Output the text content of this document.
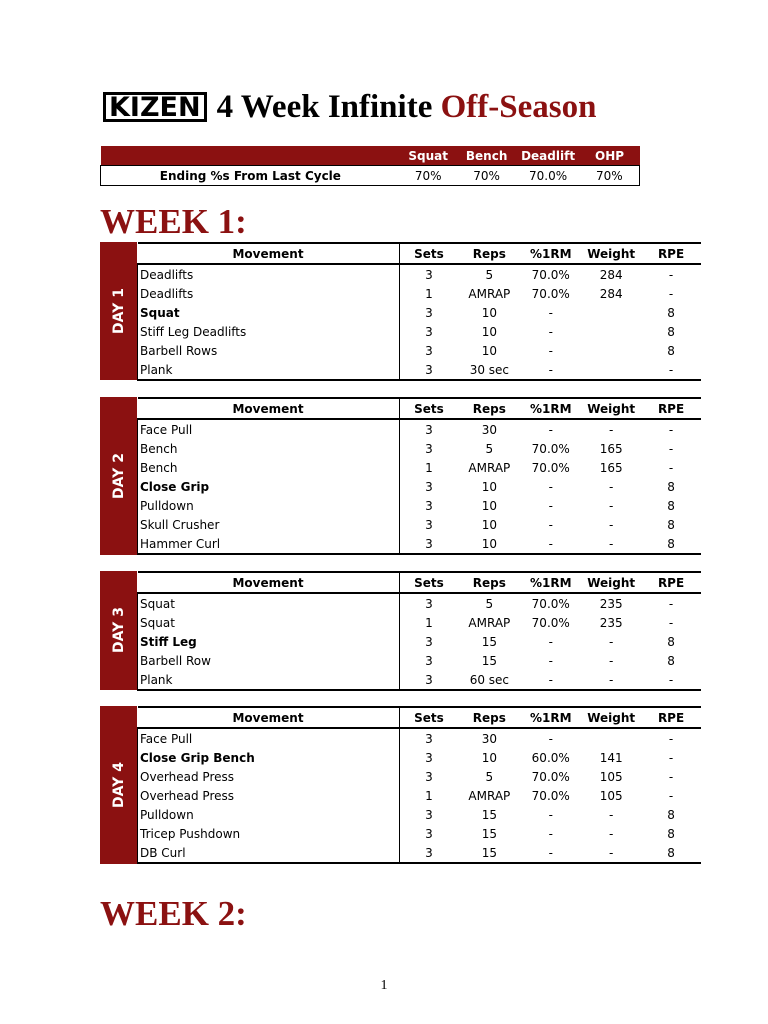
KIZEN 4 Week Infinite Off-Season
	Squat	Bench	Deadlift	OHP
Ending %s From Last Cycle	70%	70%	70.0%	70%
WEEK 1:
DAY 1
Movement	Sets	Reps	%1RM	Weight	RPE
Deadlifts	3	5	70.0%	284	-
Deadlifts	1	AMRAP	70.0%	284	-
Squat	3	10	-		8
Stiff Leg Deadlifts	3	10	-		8
Barbell Rows	3	10	-		8
Plank	3	30 sec	-		-
DAY 2
Movement	Sets	Reps	%1RM	Weight	RPE
Face Pull	3	30	-	-	-
Bench	3	5	70.0%	165	-
Bench	1	AMRAP	70.0%	165	-
Close Grip	3	10	-	-	8
Pulldown	3	10	-	-	8
Skull Crusher	3	10	-	-	8
Hammer Curl	3	10	-	-	8
DAY 3
Movement	Sets	Reps	%1RM	Weight	RPE
Squat	3	5	70.0%	235	-
Squat	1	AMRAP	70.0%	235	-
Stiff Leg	3	15	-	-	8
Barbell Row	3	15	-	-	8
Plank	3	60 sec	-	-	-
DAY 4
Movement	Sets	Reps	%1RM	Weight	RPE
Face Pull	3	30	-		-
Close Grip Bench	3	10	60.0%	141	-
Overhead Press	3	5	70.0%	105	-
Overhead Press	1	AMRAP	70.0%	105	-
Pulldown	3	15	-	-	8
Tricep Pushdown	3	15	-	-	8
DB Curl	3	15	-	-	8
WEEK 2:
1
